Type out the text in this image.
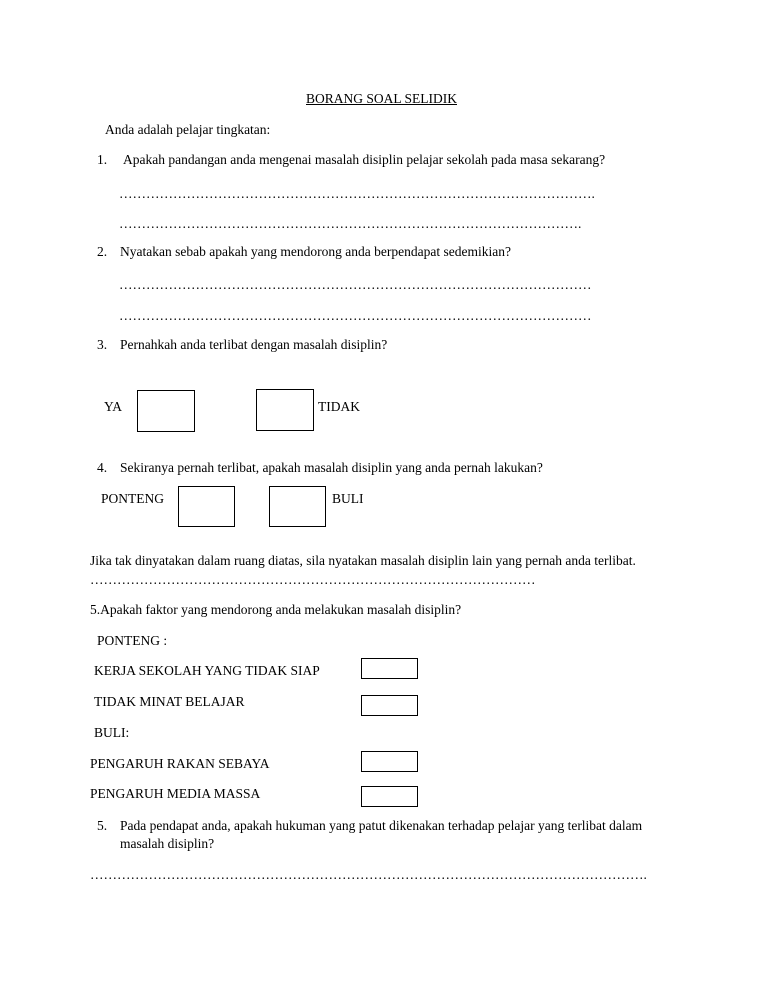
BORANG SOAL SELIDIK
Anda adalah pelajar tingkatan:
1. Apakah pandangan anda mengenai masalah disiplin pelajar sekolah pada masa sekarang?
…………………………………………………………………………………………….
………………………………………………………………………………………….
2. Nyatakan sebab apakah yang mendorong anda berpendapat sedemikian?
……………………………………………………………………………………………
……………………………………………………………………………………………
3. Pernahkah anda terlibat dengan masalah disiplin?
YA	TIDAK
4. Sekiranya pernah terlibat, apakah masalah disiplin yang anda pernah lakukan?
PONTENG	BULI
Jika tak dinyatakan dalam ruang diatas, sila nyatakan masalah disiplin lain yang pernah anda terlibat.
………………………………………………………………………………………
5.Apakah faktor yang mendorong anda melakukan masalah disiplin?
PONTENG :
KERJA SEKOLAH YANG TIDAK SIAP
TIDAK MINAT BELAJAR
BULI:
PENGARUH RAKAN SEBAYA
PENGARUH MEDIA MASSA
5. Pada pendapat anda, apakah hukuman yang patut dikenakan terhadap pelajar yang terlibat dalam
masalah disiplin?
…………………………………………………………………………………………………………….
